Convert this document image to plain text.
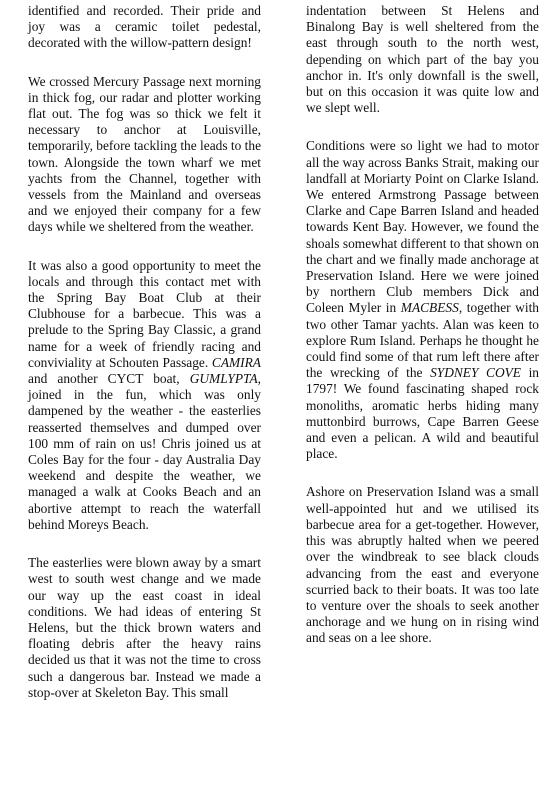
identified and recorded. Their pride and joy was a ceramic toilet pedestal, decorated with the willow-pattern design!

We crossed Mercury Passage next morning in thick fog, our radar and plotter working flat out. The fog was so thick we felt it necessary to anchor at Louisville, temporarily, before tackling the leads to the town. Alongside the town wharf we met yachts from the Channel, together with vessels from the Mainland and overseas and we enjoyed their company for a few days while we sheltered from the weather.

It was also a good opportunity to meet the locals and through this contact met with the Spring Bay Boat Club at their Clubhouse for a barbecue. This was a prelude to the Spring Bay Classic, a grand name for a week of friendly racing and conviviality at Schouten Passage. CAMIRA and another CYCT boat, GUMLYPTA, joined in the fun, which was only dampened by the weather - the easterlies reasserted themselves and dumped over 100 mm of rain on us! Chris joined us at Coles Bay for the four - day Australia Day weekend and despite the weather, we managed a walk at Cooks Beach and an abortive attempt to reach the waterfall behind Moreys Beach.

The easterlies were blown away by a smart west to south west change and we made our way up the east coast in ideal conditions. We had ideas of entering St Helens, but the thick brown waters and floating debris after the heavy rains decided us that it was not the time to cross such a dangerous bar. Instead we made a stop-over at Skeleton Bay. This small

indentation between St Helens and Binalong Bay is well sheltered from the east through south to the north west, depending on which part of the bay you anchor in. It's only downfall is the swell, but on this occasion it was quite low and we slept well.

Conditions were so light we had to motor all the way across Banks Strait, making our landfall at Moriarty Point on Clarke Island. We entered Armstrong Passage between Clarke and Cape Barren Island and headed towards Kent Bay. However, we found the shoals somewhat different to that shown on the chart and we finally made anchorage at Preservation Island. Here we were joined by northern Club members Dick and Coleen Myler in MACBESS, together with two other Tamar yachts. Alan was keen to explore Rum Island. Perhaps he thought he could find some of that rum left there after the wrecking of the SYDNEY COVE in 1797! We found fascinating shaped rock monoliths, aromatic herbs hiding many muttonbird burrows, Cape Barren Geese and even a pelican. A wild and beautiful place.

Ashore on Preservation Island was a small well-appointed hut and we utilised its barbecue area for a get-together. However, this was abruptly halted when we peered over the windbreak to see black clouds advancing from the east and everyone scurried back to their boats. It was too late to venture over the shoals to seek another anchorage and we hung on in rising wind and seas on a lee shore.
